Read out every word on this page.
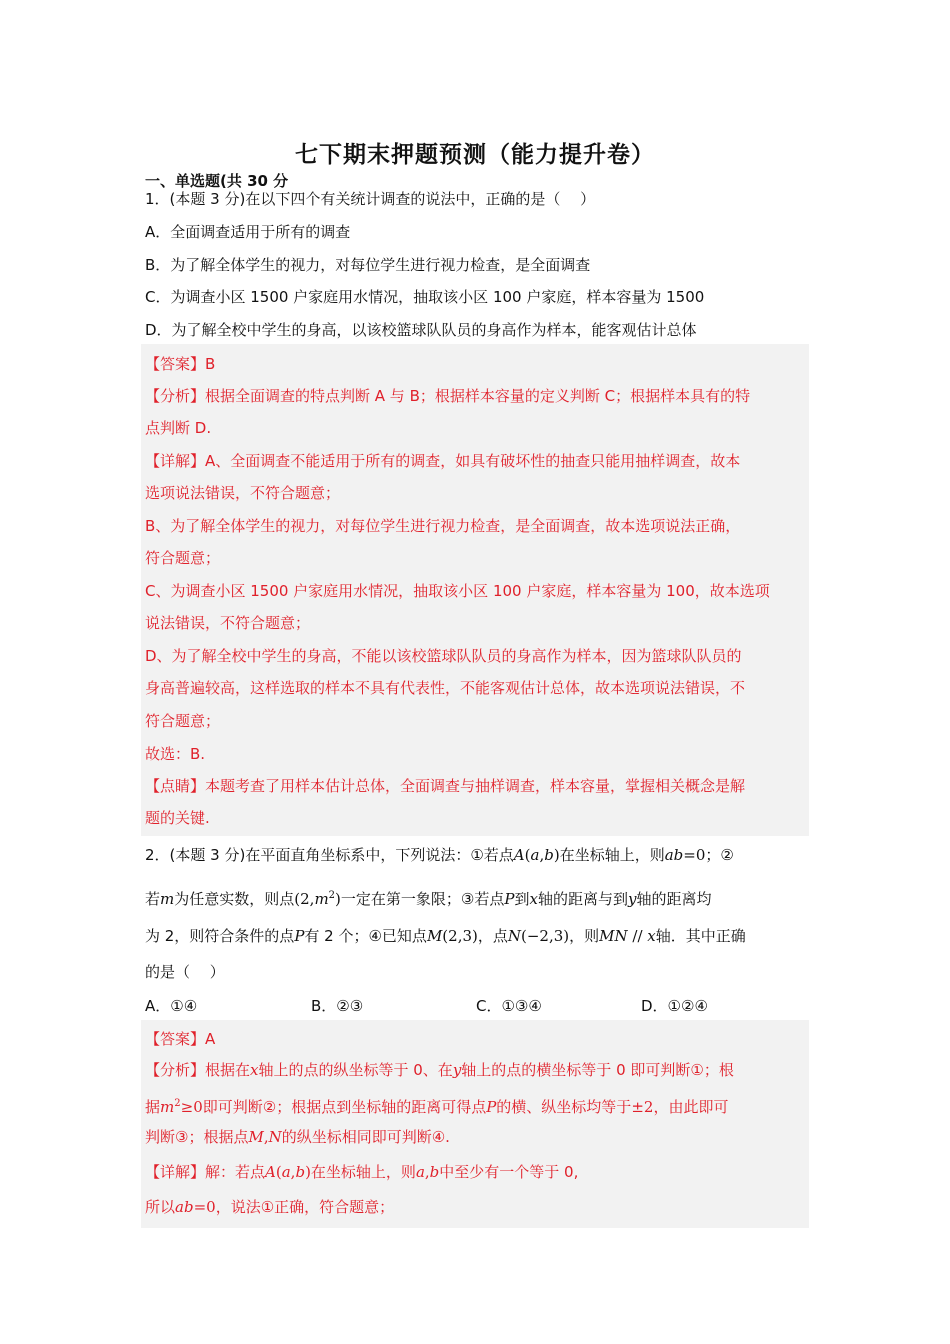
七下期末押题预测（能力提升卷）
一、单选题(共 30 分
1．(本题 3 分)在以下四个有关统计调查的说法中，正确的是（　 ）
A．全面调查适用于所有的调查
B．为了解全体学生的视力，对每位学生进行视力检查，是全面调查
C．为调查小区 1500 户家庭用水情况，抽取该小区 100 户家庭，样本容量为 1500
D．为了解全校中学生的身高，以该校篮球队队员的身高作为样本，能客观估计总体
【答案】B
【分析】根据全面调查的特点判断 A 与 B；根据样本容量的定义判断 C；根据样本具有的特
点判断 D.
【详解】A、全面调查不能适用于所有的调查，如具有破坏性的抽查只能用抽样调查，故本
选项说法错误，不符合题意；
B、为了解全体学生的视力，对每位学生进行视力检查，是全面调查，故本选项说法正确，
符合题意；
C、为调查小区 1500 户家庭用水情况，抽取该小区 100 户家庭，样本容量为 100，故本选项
说法错误，不符合题意；
D、为了解全校中学生的身高，不能以该校篮球队队员的身高作为样本，因为篮球队队员的
身高普遍较高，这样选取的样本不具有代表性，不能客观估计总体，故本选项说法错误，不
符合题意；
故选：B.
【点睛】本题考查了用样本估计总体，全面调查与抽样调查，样本容量，掌握相关概念是解
题的关键.
2．(本题 3 分)在平面直角坐标系中，下列说法：①若点A(a,b)在坐标轴上，则ab=0；②
若m为任意实数，则点$(2,m^2)$一定在第一象限；③若点P到x轴的距离与到y轴的距离均
为 2，则符合条件的点P有 2 个；④已知点M(2,3)，点N(−2,3)，则MN // x轴．其中正确
的是（　 ）
A．①④	B．②③	C．①③④	D．①②④
【答案】A
【分析】根据在x轴上的点的纵坐标等于 0、在y轴上的点的横坐标等于 0 即可判断①；根
据$m^2\ge 0$即可判断②；根据点到坐标轴的距离可得点P的横、纵坐标均等于±2，由此即可
判断③；根据点M,N的纵坐标相同即可判断④.
【详解】解：若点A(a,b)在坐标轴上，则a,b中至少有一个等于 0,
所以ab=0，说法①正确，符合题意；
